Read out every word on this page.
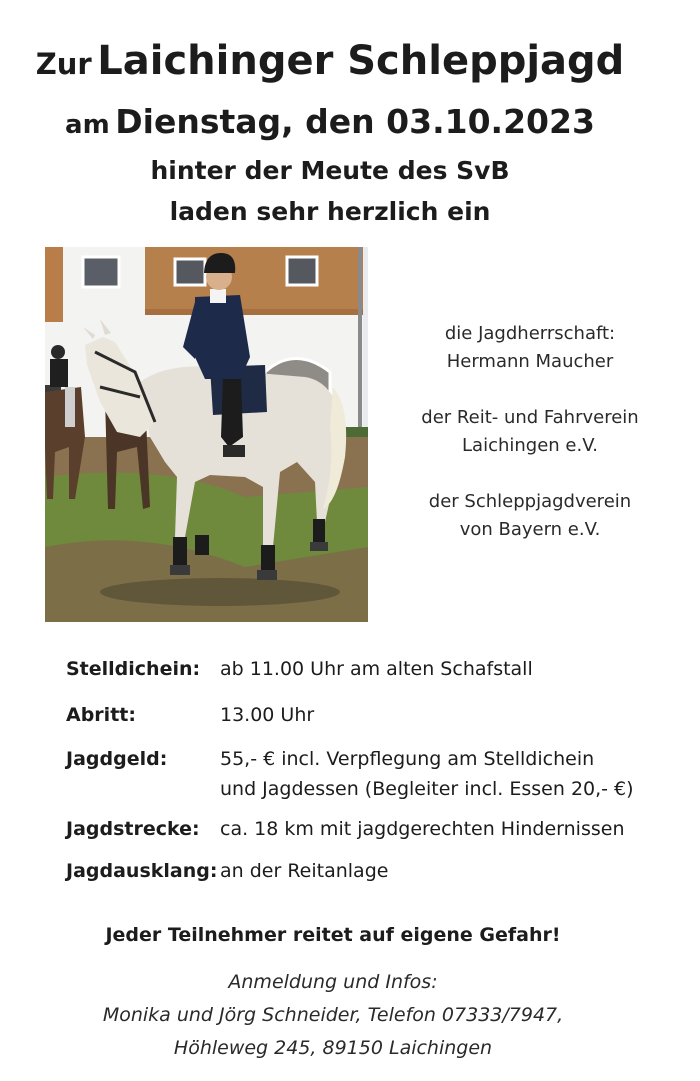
Zur Laichinger Schleppjagd
am Dienstag, den 03.10.2023
hinter der Meute des SvB
laden sehr herzlich ein
die Jagdherrschaft:
Hermann Maucher
der Reit- und Fahrverein
Laichingen e.V.
der Schleppjagdverein
von Bayern e.V.
Stelldichein: ab 11.00 Uhr am alten Schafstall
Abritt:	13.00 Uhr
Jagdgeld:	55,- € incl. Verpflegung am Stelldichein
und Jagdessen (Begleiter incl. Essen 20,- €)
Jagdstrecke: ca. 18 km mit jagdgerechten Hindernissen
Jagdausklang: an der Reitanlage
Jeder Teilnehmer reitet auf eigene Gefahr!
Anmeldung und Infos:
Monika und Jörg Schneider, Telefon 07333/7947,
Höhleweg 245, 89150 Laichingen
